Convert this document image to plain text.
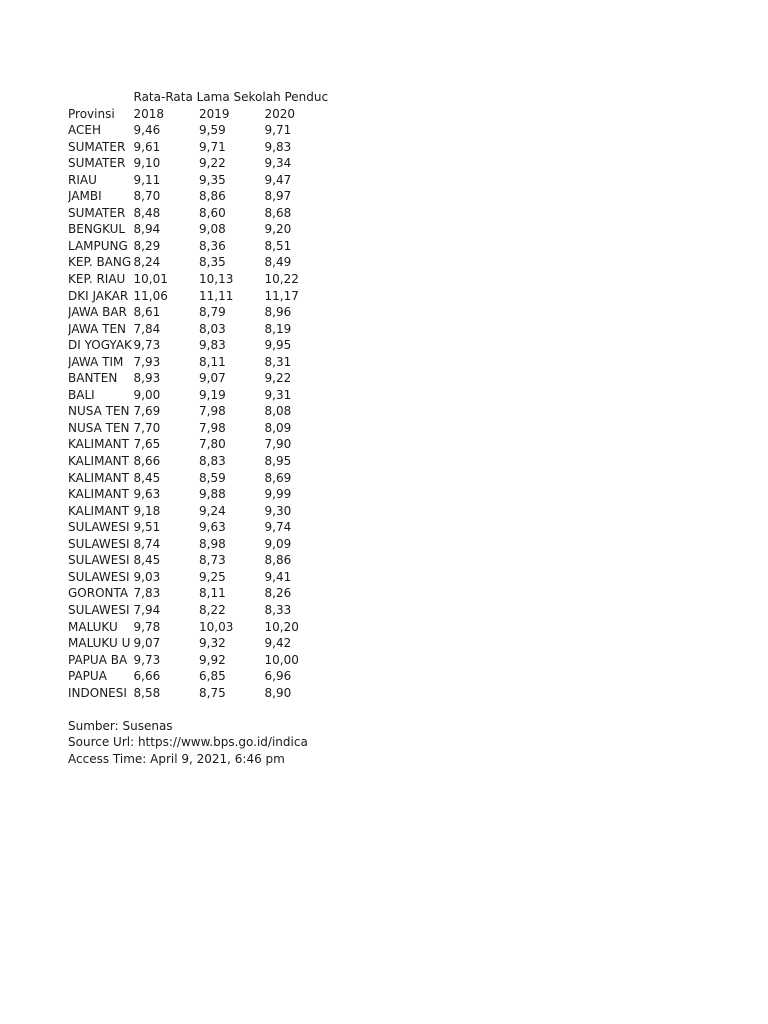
Rata-Rata Lama Sekolah Penduc
Provinsi	2018	2019	2020
ACEH	9,46	9,59	9,71
SUMATER 9,61	9,71	9,83
SUMATER 9,10	9,22	9,34
RIAU	9,11	9,35	9,47
JAMBI	8,70	8,86	8,97
SUMATER 8,48	8,60	8,68
BENGKUL 8,94	9,08	9,20
LAMPUNG 8,29	8,36	8,51
KEP. BANG 8,24	8,35	8,49
KEP. RIAU 10,01	10,13	10,22
DKI JAKAR 11,06	11,11	11,17
JAWA BAR 8,61	8,79	8,96
JAWA TEN 7,84	8,03	8,19
DI YOGYAK 9,73	9,83	9,95
JAWA TIM 7,93	8,11	8,31
BANTEN	8,93	9,07	9,22
BALI	9,00	9,19	9,31
NUSA TEN 7,69	7,98	8,08
NUSA TEN 7,70	7,98	8,09
KALIMANT 7,65	7,80	7,90
KALIMANT 8,66	8,83	8,95
KALIMANT 8,45	8,59	8,69
KALIMANT 9,63	9,88	9,99
KALIMANT 9,18	9,24	9,30
SULAWESI 9,51	9,63	9,74
SULAWESI 8,74	8,98	9,09
SULAWESI 8,45	8,73	8,86
SULAWESI 9,03	9,25	9,41
GORONTA 7,83	8,11	8,26
SULAWESI 7,94	8,22	8,33
MALUKU	9,78	10,03	10,20
MALUKU U 9,07	9,32	9,42
PAPUA BA 9,73	9,92	10,00
PAPUA	6,66	6,85	6,96
INDONESI 8,58	8,75	8,90
Sumber: Susenas
Source Url: https://www.bps.go.id/indica
Access Time: April 9, 2021, 6:46 pm
